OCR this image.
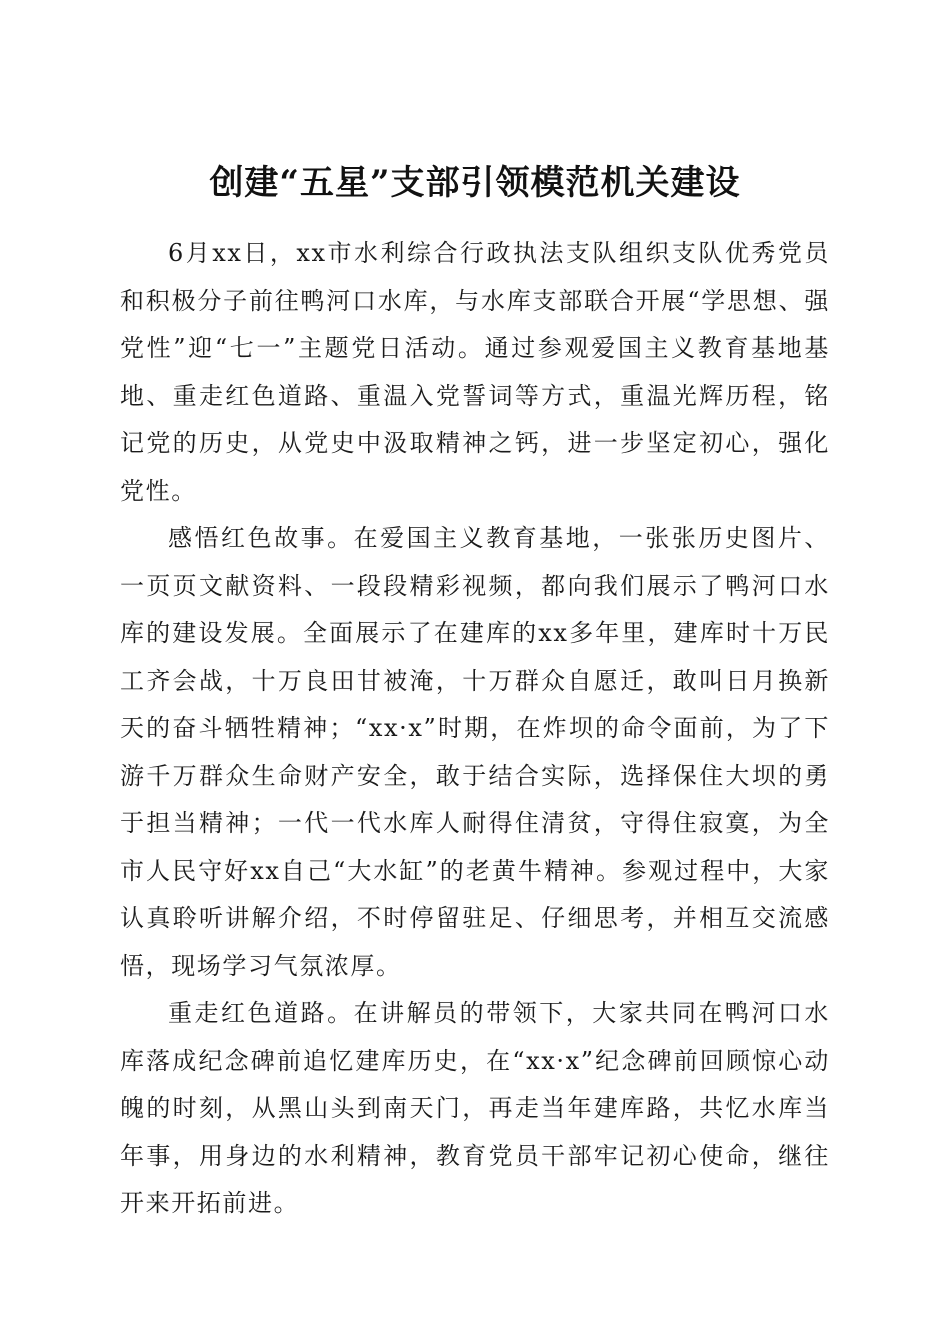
创建“五星”支部引领模范机关建设

6月xx日，xx市水利综合行政执法支队组织支队优秀党员和积极分子前往鸭河口水库，与水库支部联合开展“学思想、强党性”迎“七一”主题党日活动。通过参观爱国主义教育基地基地、重走红色道路、重温入党誓词等方式，重温光辉历程，铭记党的历史，从党史中汲取精神之钙，进一步坚定初心，强化党性。

感悟红色故事。在爱国主义教育基地，一张张历史图片、一页页文献资料、一段段精彩视频，都向我们展示了鸭河口水库的建设发展。全面展示了在建库的xx多年里，建库时十万民工齐会战，十万良田甘被淹，十万群众自愿迁，敢叫日月换新天的奋斗牺牲精神；“xx·x”时期，在炸坝的命令面前，为了下游千万群众生命财产安全，敢于结合实际，选择保住大坝的勇于担当精神；一代一代水库人耐得住清贫，守得住寂寞，为全市人民守好xx自己“大水缸”的老黄牛精神。参观过程中，大家认真聆听讲解介绍，不时停留驻足、仔细思考，并相互交流感悟，现场学习气氛浓厚。

重走红色道路。在讲解员的带领下，大家共同在鸭河口水库落成纪念碑前追忆建库历史，在“xx·x”纪念碑前回顾惊心动魄的时刻，从黑山头到南天门，再走当年建库路，共忆水库当年事，用身边的水利精神，教育党员干部牢记初心使命，继往开来开拓前进。
